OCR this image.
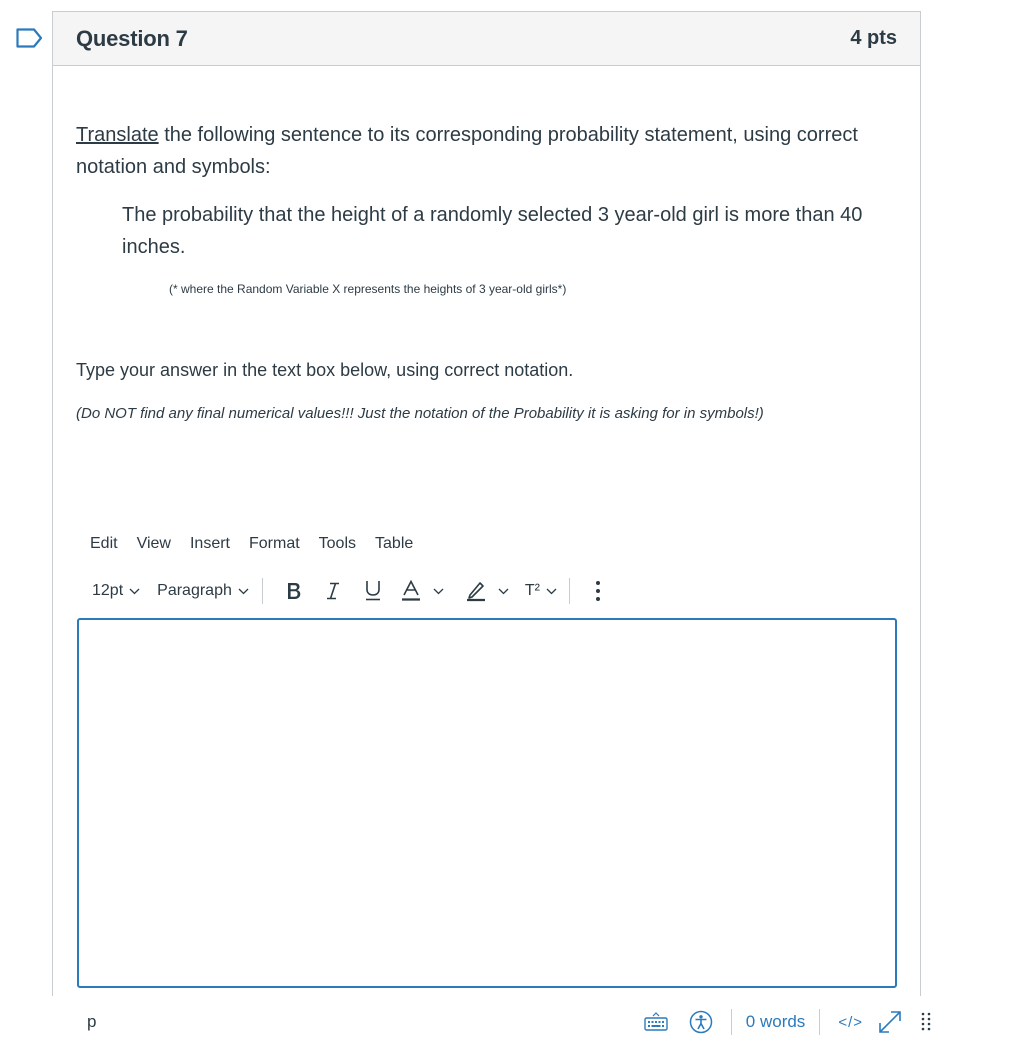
Question 7	4 pts

Translate the following sentence to its corresponding probability statement, using correct notation and symbols:

The probability that the height of a randomly selected 3 year-old girl is more than 40 inches.

(* where the Random Variable X represents the heights of 3 year-old girls*)

Type your answer in the text box below, using correct notation.

(Do NOT find any final numerical values!!! Just the notation of the Probability it is asking for in symbols!)

Edit View Insert Format Tools Table
12pt Paragraph	T²
p	0 words </>
